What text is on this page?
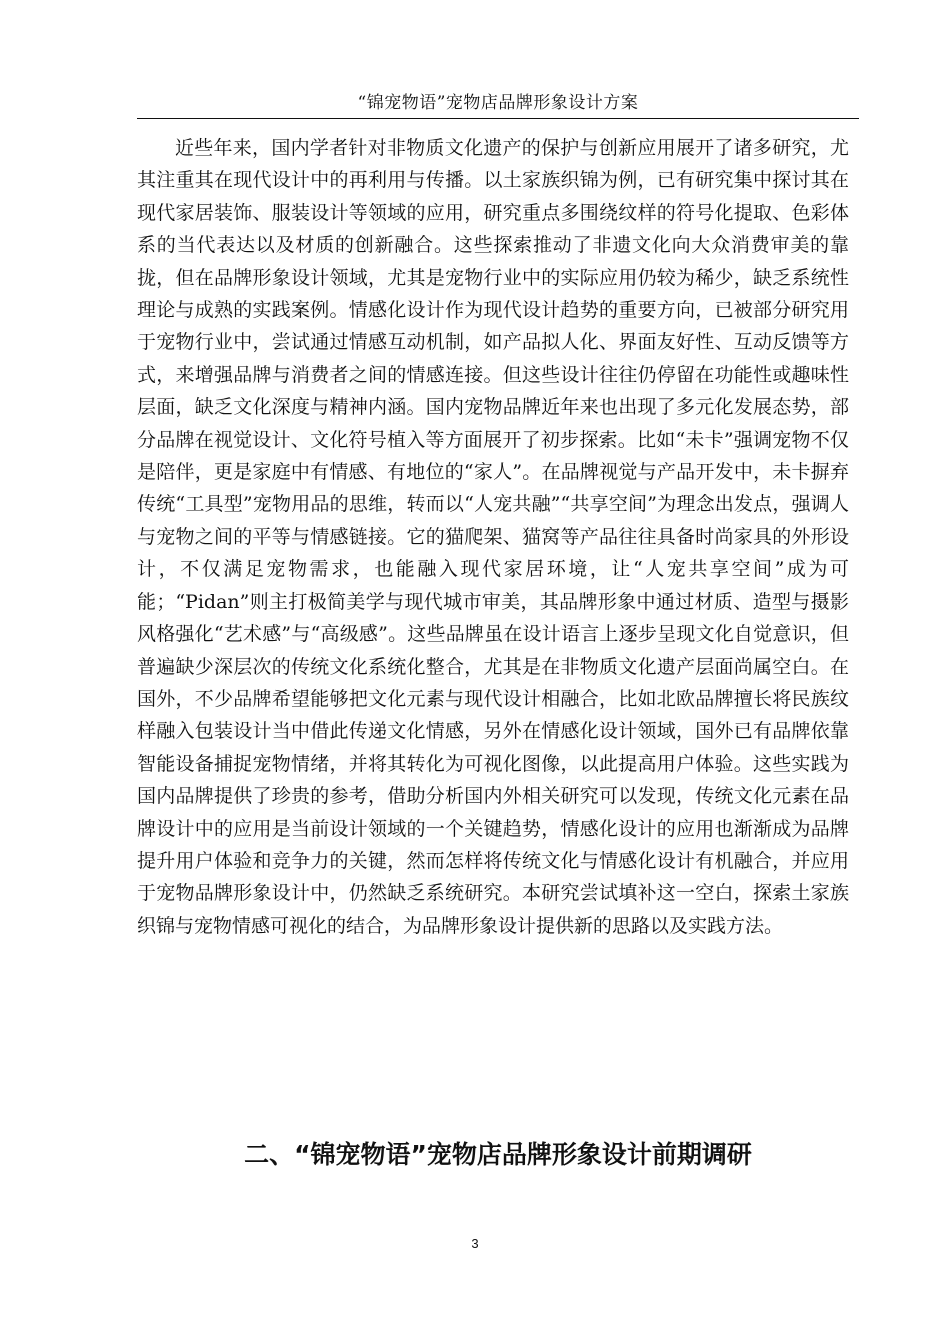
“锦宠物语”宠物店品牌形象设计方案

近些年来，国内学者针对非物质文化遗产的保护与创新应用展开了诸多研究，尤其注重其在现代设计中的再利用与传播。以土家族织锦为例，已有研究集中探讨其在现代家居装饰、服装设计等领域的应用，研究重点多围绕纹样的符号化提取、色彩体系的当代表达以及材质的创新融合。这些探索推动了非遗文化向大众消费审美的靠拢，但在品牌形象设计领域，尤其是宠物行业中的实际应用仍较为稀少，缺乏系统性理论与成熟的实践案例。情感化设计作为现代设计趋势的重要方向，已被部分研究用于宠物行业中，尝试通过情感互动机制，如产品拟人化、界面友好性、互动反馈等方式，来增强品牌与消费者之间的情感连接。但这些设计往往仍停留在功能性或趣味性层面，缺乏文化深度与精神内涵。国内宠物品牌近年来也出现了多元化发展态势，部分品牌在视觉设计、文化符号植入等方面展开了初步探索。比如“未卡”强调宠物不仅是陪伴，更是家庭中有情感、有地位的“家人”。在品牌视觉与产品开发中，未卡摒弃传统“工具型”宠物用品的思维，转而以“人宠共融”“共享空间”为理念出发点，强调人与宠物之间的平等与情感链接。它的猫爬架、猫窝等产品往往具备时尚家具的外形设计，不仅满足宠物需求，也能融入现代家居环境，让“人宠共享空间”成为可能；“Pidan”则主打极简美学与现代城市审美，其品牌形象中通过材质、造型与摄影风格强化“艺术感”与“高级感”。这些品牌虽在设计语言上逐步呈现文化自觉意识，但普遍缺少深层次的传统文化系统化整合，尤其是在非物质文化遗产层面尚属空白。在国外，不少品牌希望能够把文化元素与现代设计相融合，比如北欧品牌擅长将民族纹样融入包装设计当中借此传递文化情感，另外在情感化设计领域，国外已有品牌依靠智能设备捕捉宠物情绪，并将其转化为可视化图像，以此提高用户体验。这些实践为国内品牌提供了珍贵的参考，借助分析国内外相关研究可以发现，传统文化元素在品牌设计中的应用是当前设计领域的一个关键趋势，情感化设计的应用也渐渐成为品牌提升用户体验和竞争力的关键，然而怎样将传统文化与情感化设计有机融合，并应用于宠物品牌形象设计中，仍然缺乏系统研究。本研究尝试填补这一空白，探索土家族织锦与宠物情感可视化的结合，为品牌形象设计提供新的思路以及实践方法。

二、“锦宠物语”宠物店品牌形象设计前期调研
3
